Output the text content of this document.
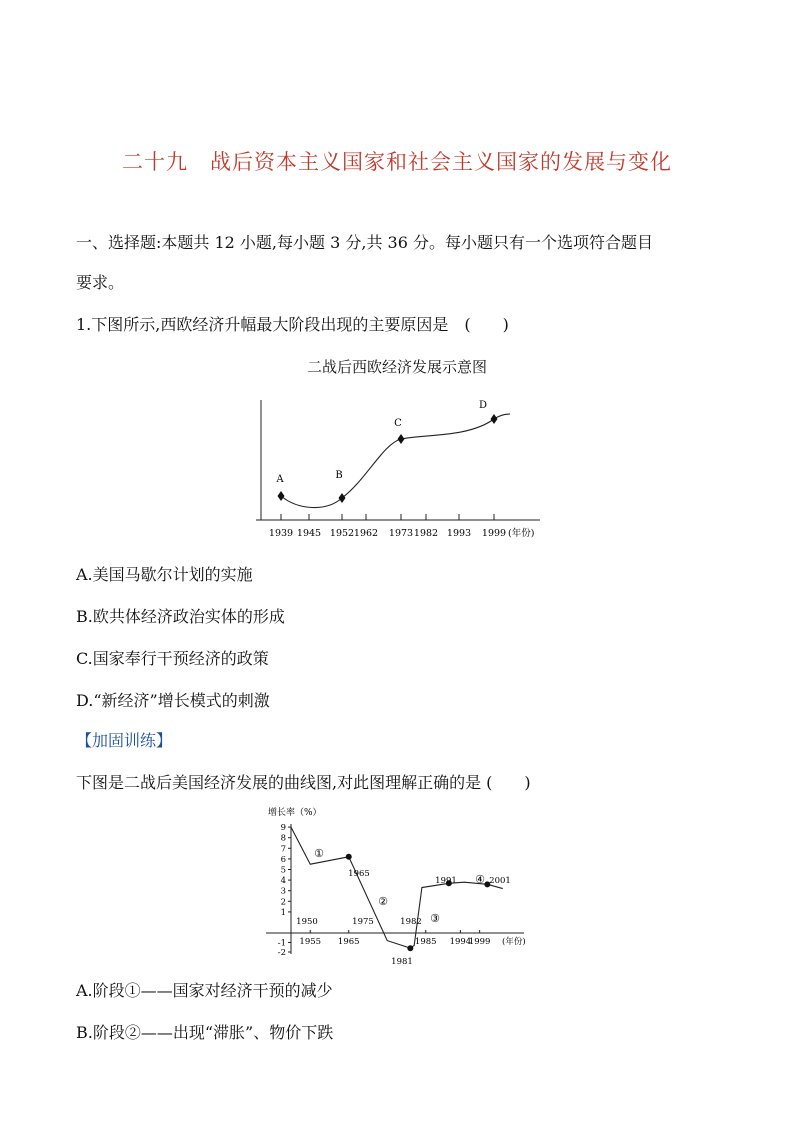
二十九　战后资本主义国家和社会主义国家的发展与变化
一、选择题:本题共 12 小题,每小题 3 分,共 36 分。每小题只有一个选项符合题目
要求。
1.下图所示,西欧经济升幅最大阶段出现的主要原因是　(　　)
二战后西欧经济发展示意图
1939 1945 1952 1962 1973 1982 1993 1999 (年份)
A	B
C
D
A.美国马歇尔计划的实施
B.欧共体经济政治实体的形成
C.国家奉行干预经济的政策
D.“新经济”增长模式的刺激
【加固训练】
下图是二战后美国经济发展的曲线图,对此图理解正确的是 (　　)
增长率（%）
-2
-1
1
2
3
4
5
6
7
8
9
1955 1965	1985 1994
1999 (年份)
1950
1965
1975	1982
1981
1991	2001
①
②
③
④
A.阶段①——国家对经济干预的减少
B.阶段②——出现“滞胀”、物价下跌
